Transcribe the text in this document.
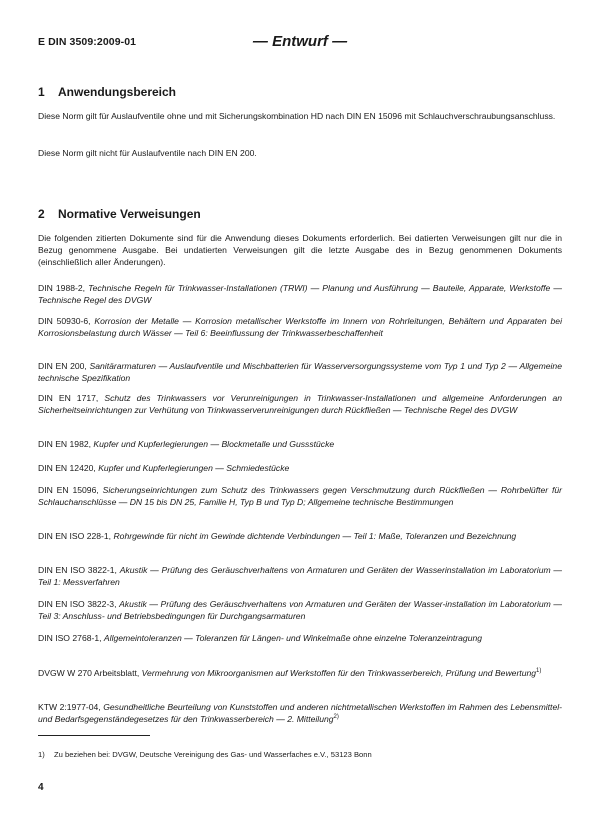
E DIN 3509:2009-01	— Entwurf —
1 Anwendungsbereich

Diese Norm gilt für Auslaufventile ohne und mit Sicherungskombination HD nach DIN EN 15096 mit Schlauchverschraubungsanschluss.

Diese Norm gilt nicht für Auslaufventile nach DIN EN 200.

2 Normative Verweisungen

Die folgenden zitierten Dokumente sind für die Anwendung dieses Dokuments erforderlich. Bei datierten Verweisungen gilt nur die in Bezug genommene Ausgabe. Bei undatierten Verweisungen gilt die letzte Ausgabe des in Bezug genommenen Dokuments (einschließlich aller Änderungen).

DIN 1988-2, Technische Regeln für Trinkwasser-Installationen (TRWI) — Planung und Ausführung — Bauteile, Apparate, Werkstoffe — Technische Regel des DVGW

DIN 50930-6, Korrosion der Metalle — Korrosion metallischer Werkstoffe im Innern von Rohrleitungen, Behältern und Apparaten bei Korrosionsbelastung durch Wässer — Teil 6: Beeinflussung der Trinkwasserbeschaffenheit

DIN EN 200, Sanitärarmaturen — Auslaufventile und Mischbatterien für Wasserversorgungssysteme vom Typ 1 und Typ 2 — Allgemeine technische Spezifikation

DIN EN 1717, Schutz des Trinkwassers vor Verunreinigungen in Trinkwasser-Installationen und allgemeine Anforderungen an Sicherheitseinrichtungen zur Verhütung von Trinkwasserverunreinigungen durch Rückfließen — Technische Regel des DVGW

DIN EN 1982, Kupfer und Kupferlegierungen — Blockmetalle und Gussstücke

DIN EN 12420, Kupfer und Kupferlegierungen — Schmiedestücke

DIN EN 15096, Sicherungseinrichtungen zum Schutz des Trinkwassers gegen Verschmutzung durch Rückfließen — Rohrbelüfter für Schlauchanschlüsse — DN 15 bis DN 25, Familie H, Typ B und Typ D; Allgemeine technische Bestimmungen

DIN EN ISO 228-1, Rohrgewinde für nicht im Gewinde dichtende Verbindungen — Teil 1: Maße, Toleranzen und Bezeichnung

DIN EN ISO 3822-1, Akustik — Prüfung des Geräuschverhaltens von Armaturen und Geräten der Wasserinstallation im Laboratorium — Teil 1: Messverfahren

DIN EN ISO 3822-3, Akustik — Prüfung des Geräuschverhaltens von Armaturen und Geräten der Wasser-installation im Laboratorium — Teil 3: Anschluss- und Betriebsbedingungen für Durchgangsarmaturen

DIN ISO 2768-1, Allgemeintoleranzen — Toleranzen für Längen- und Winkelmaße ohne einzelne Toleranzeintragung

DVGW W 270 Arbeitsblatt, Vermehrung von Mikroorganismen auf Werkstoffen für den Trinkwasserbereich, Prüfung und Bewertung$^{1)}$

KTW 2:1977-04, Gesundheitliche Beurteilung von Kunststoffen und anderen nichtmetallischen Werkstoffen im Rahmen des Lebensmittel- und Bedarfsgegenständegesetzes für den Trinkwasserbereich — 2. Mitteilung$^{2)}$

1) Zu beziehen bei: DVGW, Deutsche Vereinigung des Gas- und Wasserfaches e.V., 53123 Bonn
4
